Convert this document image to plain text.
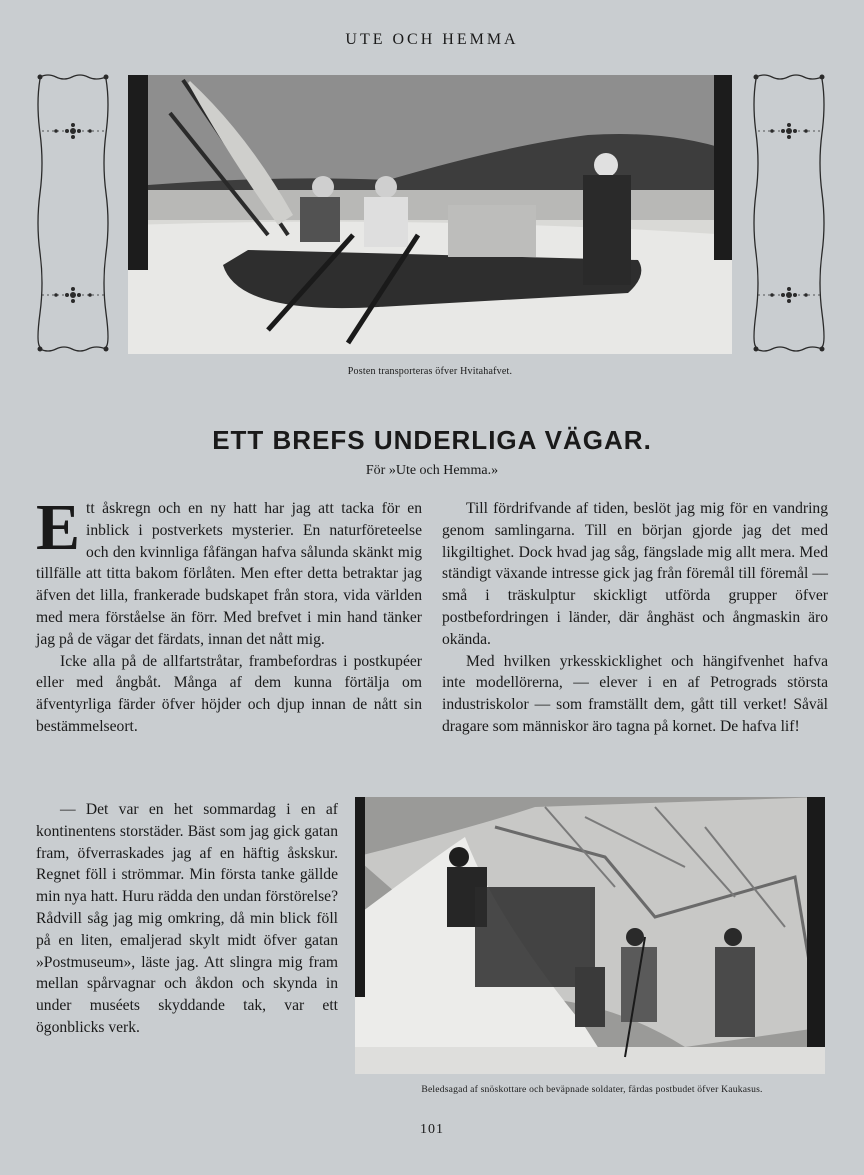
UTE OCH HEMMA
Posten transporteras öfver Hvitahafvet.
ETT BREFS UNDERLIGA VÄGAR.
För »Ute och Hemma.»

Ett åskregn och en ny hatt har jag att tacka för en inblick i postverkets mysterier. En naturföreteelse och den kvinnliga fåfängan hafva sålunda skänkt mig tillfälle att titta bakom förlåten. Men efter detta betraktar jag äfven det lilla, frankerade budskapet från stora, vida världen med mera förståelse än förr. Med brefvet i min hand tänker jag på de vägar det färdats, innan det nått mig.

Icke alla på de allfartstråtar, frambefordras i postkupéer eller med ångbåt. Många af dem kunna förtälja om äfventyrliga färder öfver höjder och djup innan de nått sin bestämmelseort.

— Det var en het sommardag i en af kontinentens storstäder. Bäst som jag gick gatan fram, öfverraskades jag af en häftig åskskur. Regnet föll i strömmar. Min första tanke gällde min nya hatt. Huru rädda den undan förstörelse? Rådvill såg jag mig omkring, då min blick föll på en liten, emaljerad skylt midt öfver gatan »Postmuseum», läste jag. Att slingra mig fram mellan spårvagnar och åkdon och skynda in under muséets skyddande tak, var ett ögonblicks verk.

Till fördrifvande af tiden, beslöt jag mig för en vandring genom samlingarna. Till en början gjorde jag det med likgiltighet. Dock hvad jag såg, fängslade mig allt mera. Med ständigt växande intresse gick jag från föremål till föremål — små i träskulptur skickligt utförda grupper öfver postbefordringen i länder, där ånghäst och ångmaskin äro okända.

Med hvilken yrkesskicklighet och hängifvenhet hafva inte modellörerna, — elever i en af Petrograds största industriskolor — som framställt dem, gått till verket! Såväl dragare som människor äro tagna på kornet. De hafva lif!

Beledsagad af snöskottare och beväpnade soldater, färdas postbudet öfver Kaukasus.
101
